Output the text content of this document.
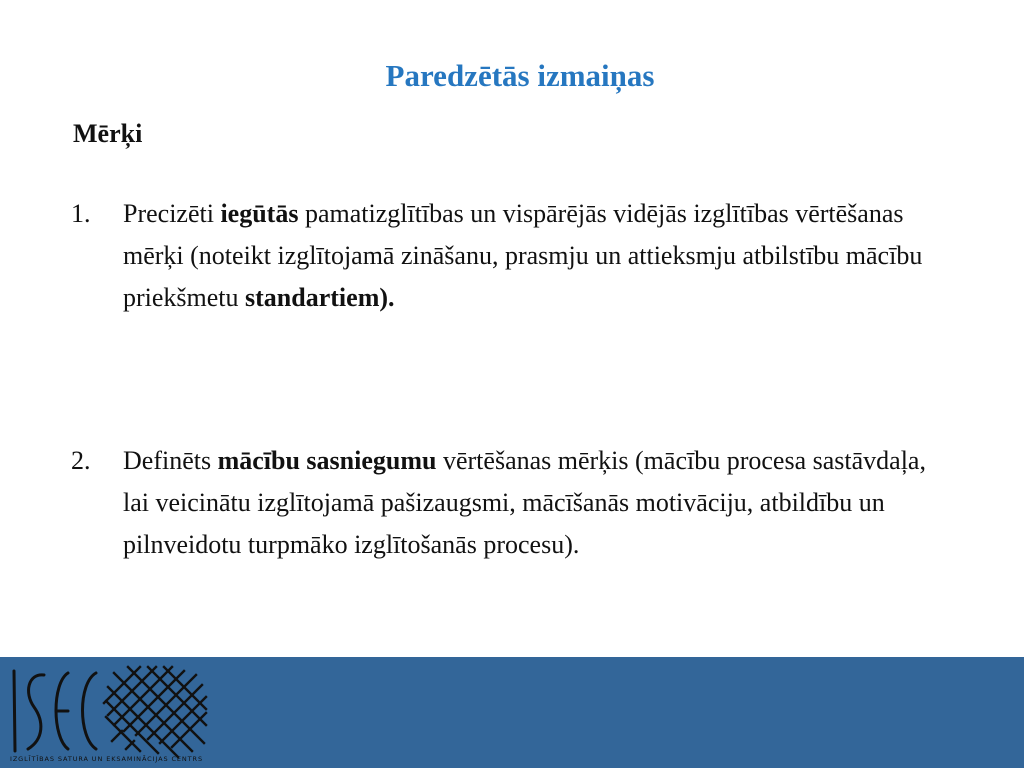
Paredzētās izmaiņas
Mērķi
1. Precizēti iegūtās pamatizglītības un vispārējās vidējās izglītības vērtēšanas mērķi (noteikt izglītojamā zināšanu, prasmju un attieksmju atbilstību mācību priekšmetu standartiem).
2. Definēts mācību sasniegumu vērtēšanas mērķis (mācību procesa sastāvdaļa, lai veicinātu izglītojamā pašizaugsmi, mācīšanās motivāciju, atbildību un pilnveidotu turpmāko izglītošanās procesu).
IZGLĪTĪBAS SATURA UN EKSAMINĀCIJAS CENTRS
